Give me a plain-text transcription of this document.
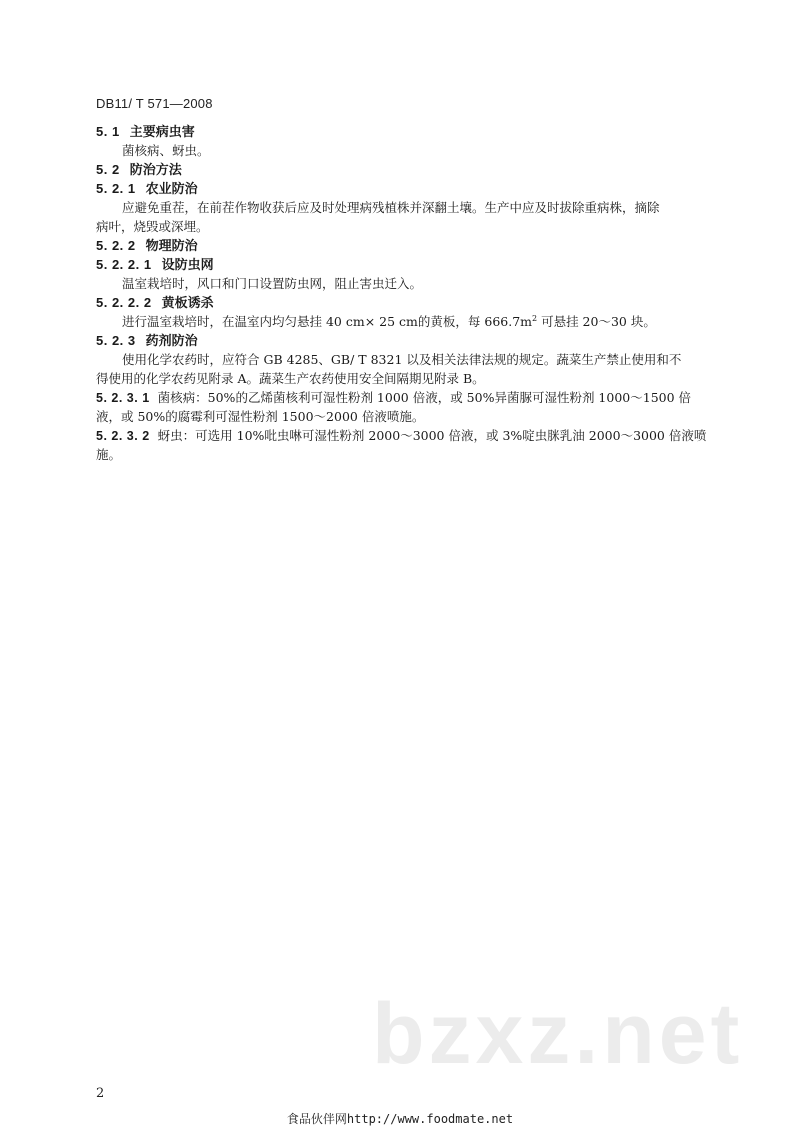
DB11/ T 571—2008
5. 1 主要病虫害
菌核病、蚜虫。
5. 2 防治方法
5. 2. 1 农业防治
应避免重茬，在前茬作物收获后应及时处理病残植株并深翻土壤。生产中应及时拔除重病株，摘除
病叶，烧毁或深埋。
5. 2. 2 物理防治
5. 2. 2. 1 设防虫网
温室栽培时，风口和门口设置防虫网，阻止害虫迁入。
5. 2. 2. 2 黄板诱杀
进行温室栽培时，在温室内均匀悬挂 40 cm× 25 cm的黄板，每 $666.7m^2$ 可悬挂 20～30 块。
5. 2. 3 药剂防治
使用化学农药时，应符合 GB 4285、GB/ T 8321 以及相关法律法规的规定。蔬菜生产禁止使用和不
得使用的化学农药见附录 A。蔬菜生产农药使用安全间隔期见附录 B。
5. 2. 3. 1 菌核病：50%的乙烯菌核利可湿性粉剂 1000 倍液，或 50%异菌脲可湿性粉剂 1000～1500 倍
液，或 50%的腐霉利可湿性粉剂 1500～2000 倍液喷施。
5. 2. 3. 2 蚜虫：可选用 10%吡虫啉可湿性粉剂 2000～3000 倍液，或 3%啶虫脒乳油 2000～3000 倍液喷
施。
bzxz.net
2
食品伙伴网http://www.foodmate.net
